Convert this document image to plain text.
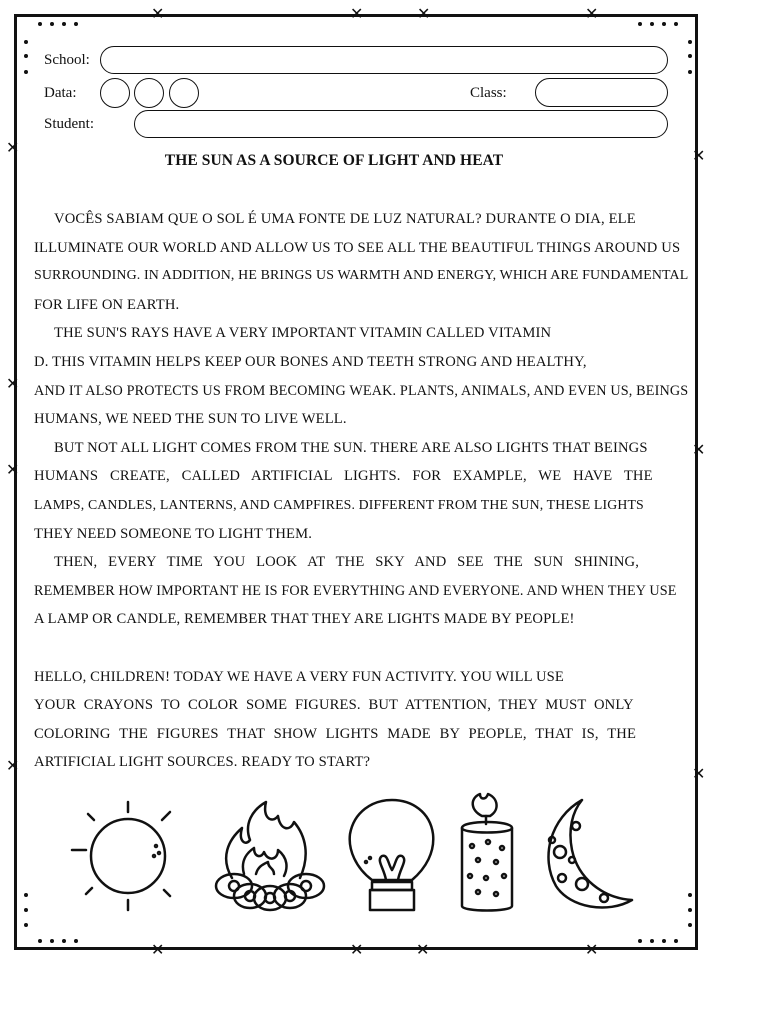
✕	✕	✕	✕
✕
✕
✕
✕
✕
✕
✕
✕	✕	✕	✕
School:
Data:	Class:
Student:
THE SUN AS A SOURCE OF LIGHT AND HEAT

VOCÊS SABIAM QUE O SOL É UMA FONTE DE LUZ NATURAL? DURANTE O DIA, ELE
ILLUMINATE OUR WORLD AND ALLOW US TO SEE ALL THE BEAUTIFUL THINGS AROUND US
SURROUNDING. IN ADDITION, HE BRINGS US WARMTH AND ENERGY, WHICH ARE FUNDAMENTAL
FOR LIFE ON EARTH.

THE SUN'S RAYS HAVE A VERY IMPORTANT VITAMIN CALLED VITAMIN
D. THIS VITAMIN HELPS KEEP OUR BONES AND TEETH STRONG AND HEALTHY,
AND IT ALSO PROTECTS US FROM BECOMING WEAK. PLANTS, ANIMALS, AND EVEN US, BEINGS
HUMANS, WE NEED THE SUN TO LIVE WELL.

BUT NOT ALL LIGHT COMES FROM THE SUN. THERE ARE ALSO LIGHTS THAT BEINGS
HUMANS CREATE, CALLED ARTIFICIAL LIGHTS. FOR EXAMPLE, WE HAVE THE
LAMPS, CANDLES, LANTERNS, AND CAMPFIRES. DIFFERENT FROM THE SUN, THESE LIGHTS
THEY NEED SOMEONE TO LIGHT THEM.

THEN, EVERY TIME YOU LOOK AT THE SKY AND SEE THE SUN SHINING,
REMEMBER HOW IMPORTANT HE IS FOR EVERYTHING AND EVERYONE. AND WHEN THEY USE
A LAMP OR CANDLE, REMEMBER THAT THEY ARE LIGHTS MADE BY PEOPLE!

HELLO, CHILDREN! TODAY WE HAVE A VERY FUN ACTIVITY. YOU WILL USE
YOUR CRAYONS TO COLOR SOME FIGURES. BUT ATTENTION, THEY MUST ONLY
COLORING THE FIGURES THAT SHOW LIGHTS MADE BY PEOPLE, THAT IS, THE
ARTIFICIAL LIGHT SOURCES. READY TO START?
